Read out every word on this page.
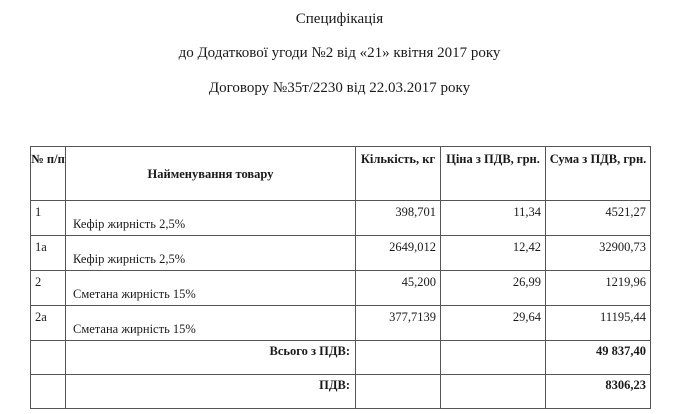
Специфікація
до Додаткової угоди №2 від «21» квітня 2017 року
Договору №35т/2230 від 22.03.2017 року
№ п/п	Найменування товару	Кількість, кг	Ціна з ПДВ, грн.	Сума з ПДВ, грн.
1	Кефір жирність 2,5%	398,701	11,34	4521,27
1а	Кефір жирність 2,5%	2649,012	12,42	32900,73
2	Сметана жирність 15%	45,200	26,99	1219,96
2а	Сметана жирність 15%	377,7139	29,64	11195,44
	Всього з ПДВ:			49 837,40
	ПДВ:			8306,23
